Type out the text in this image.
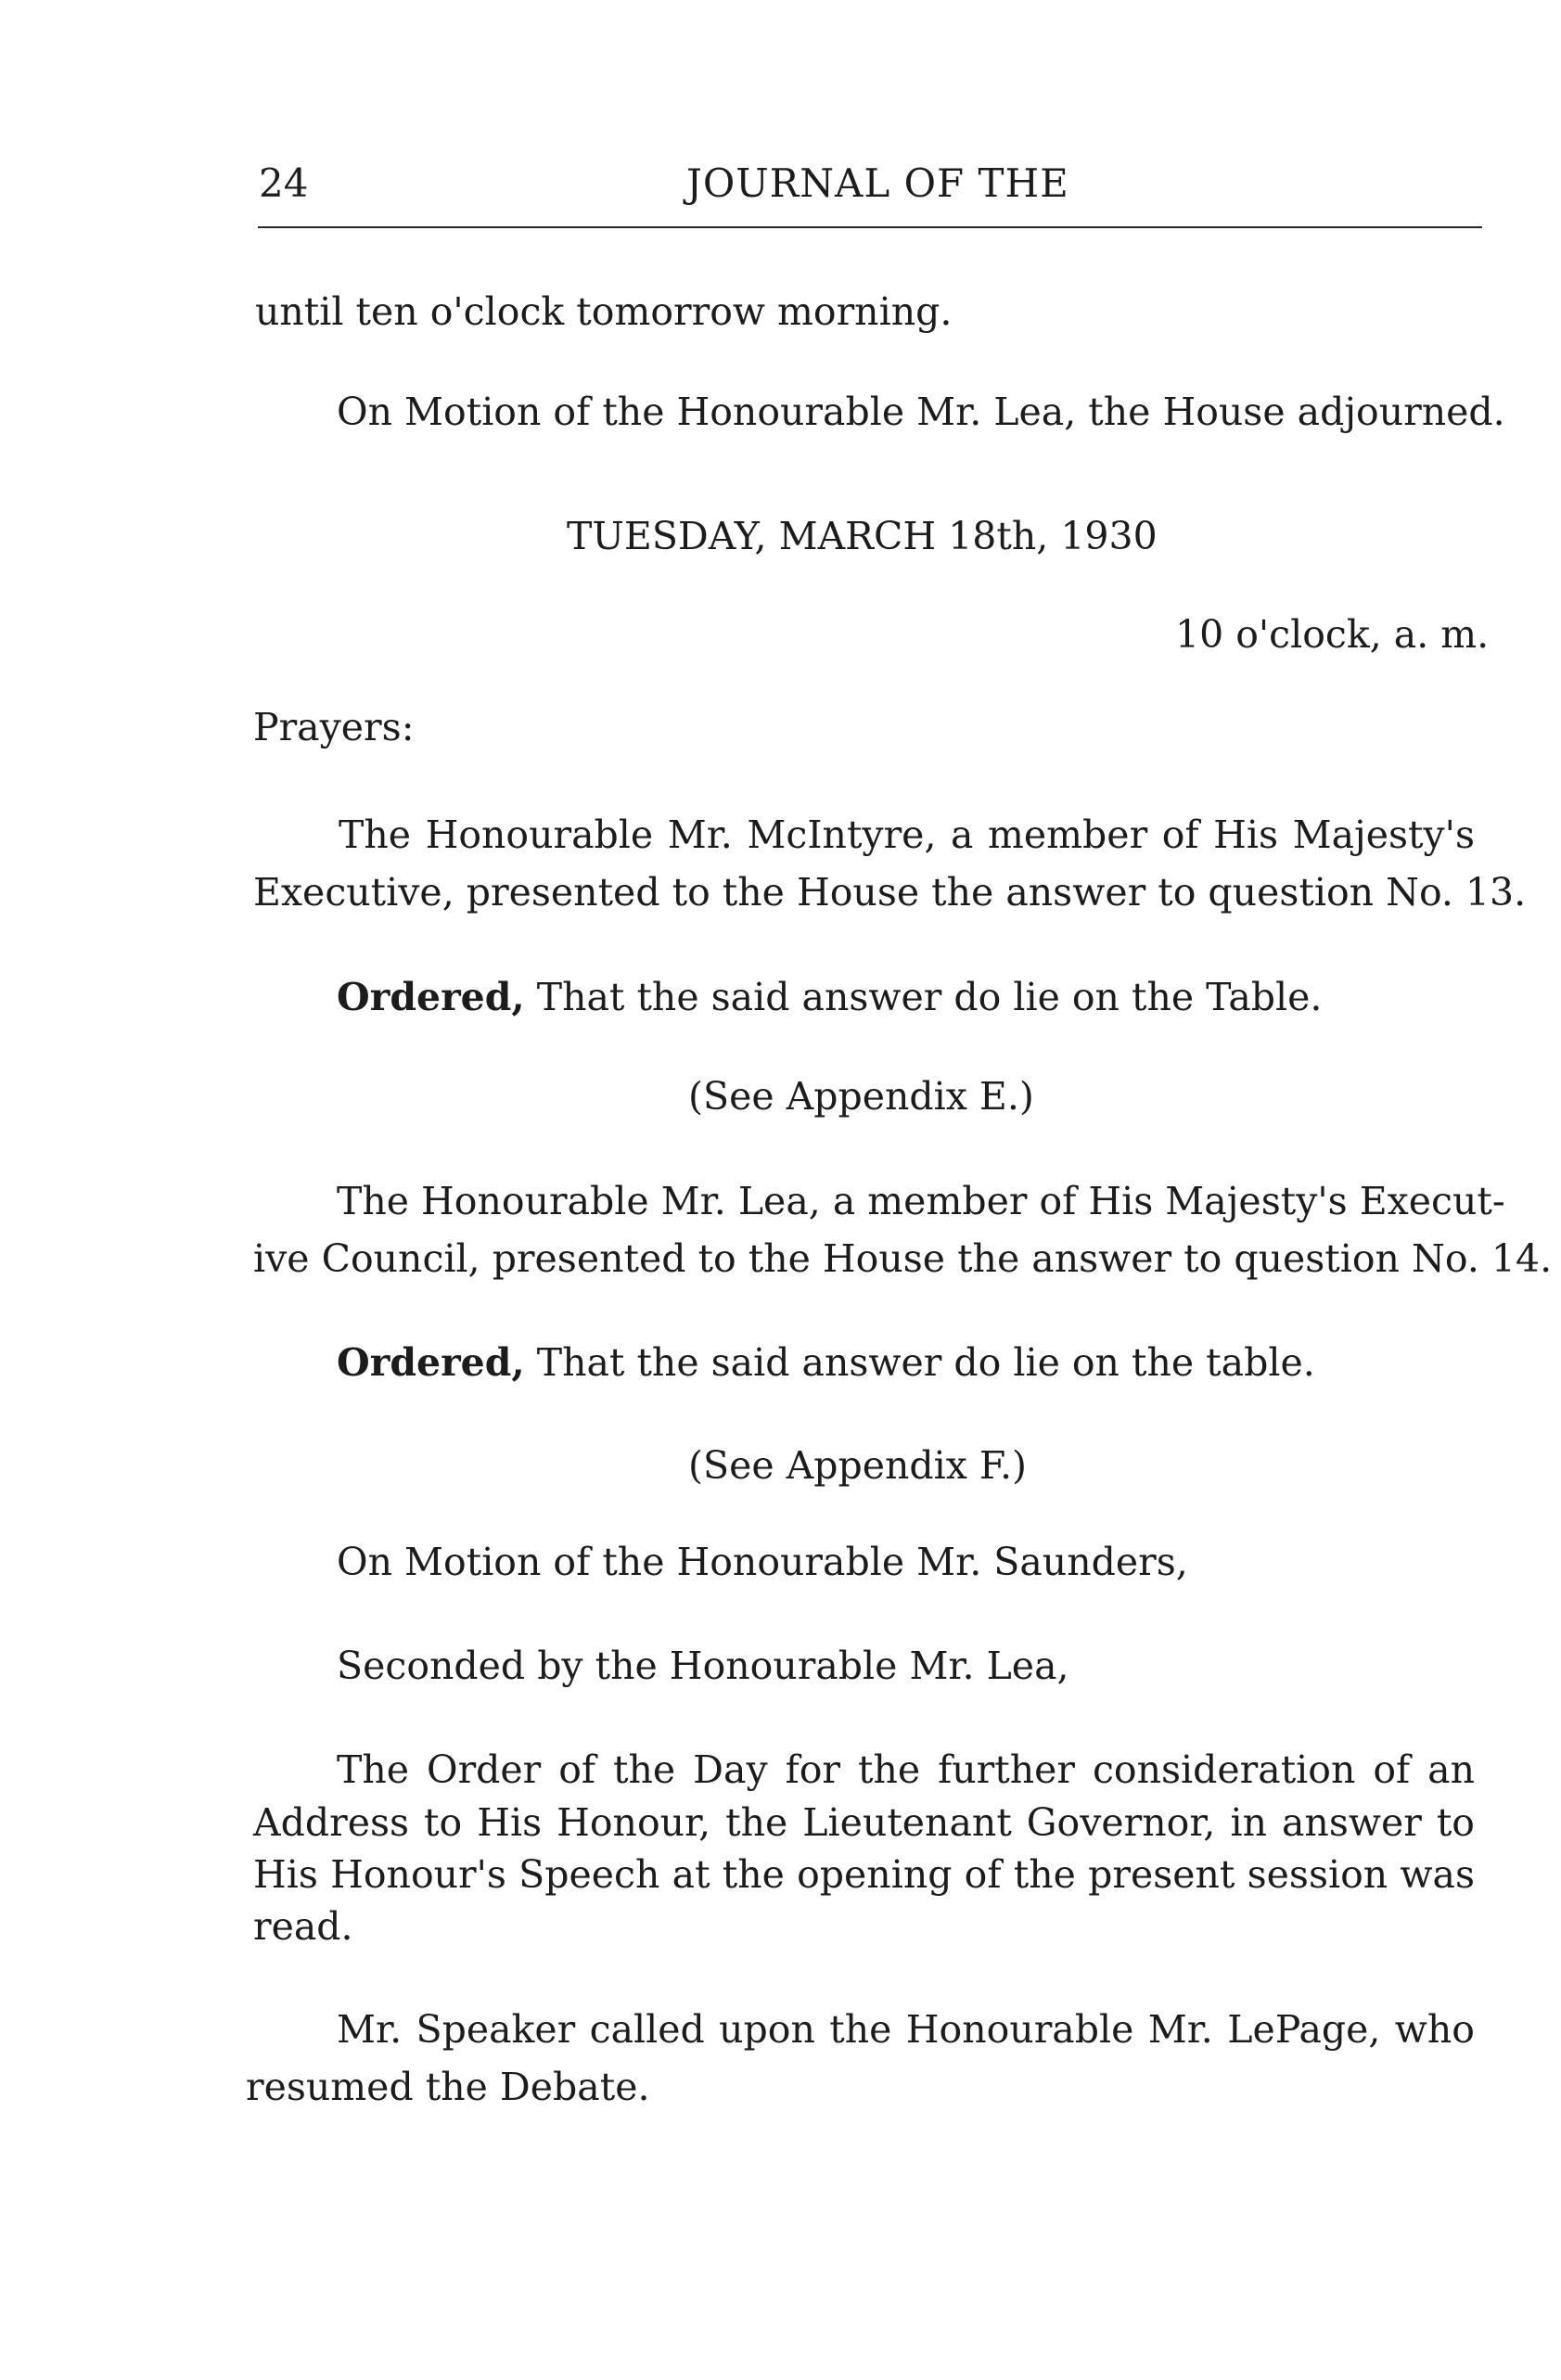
24	JOURNAL OF THE

until ten o'clock tomorrow morning.

On Motion of the Honourable Mr. Lea, the House adjourned.

TUESDAY, MARCH 18th, 1930

10 o'clock, a. m.

Prayers:

The Honourable Mr. McIntyre, a member of His Majesty's

Executive, presented to the House the answer to question No. 13.

Ordered, That the said answer do lie on the Table.

(See Appendix E.)

The Honourable Mr. Lea, a member of His Majesty's Execut-

ive Council, presented to the House the answer to question No. 14.

Ordered, That the said answer do lie on the table.

(See Appendix F.)

On Motion of the Honourable Mr. Saunders,

Seconded by the Honourable Mr. Lea,

The Order of the Day for the further consideration of an

Address to His Honour, the Lieutenant Governor, in answer to

His Honour's Speech at the opening of the present session was

read.

Mr. Speaker called upon the Honourable Mr. LePage, who

resumed the Debate.
